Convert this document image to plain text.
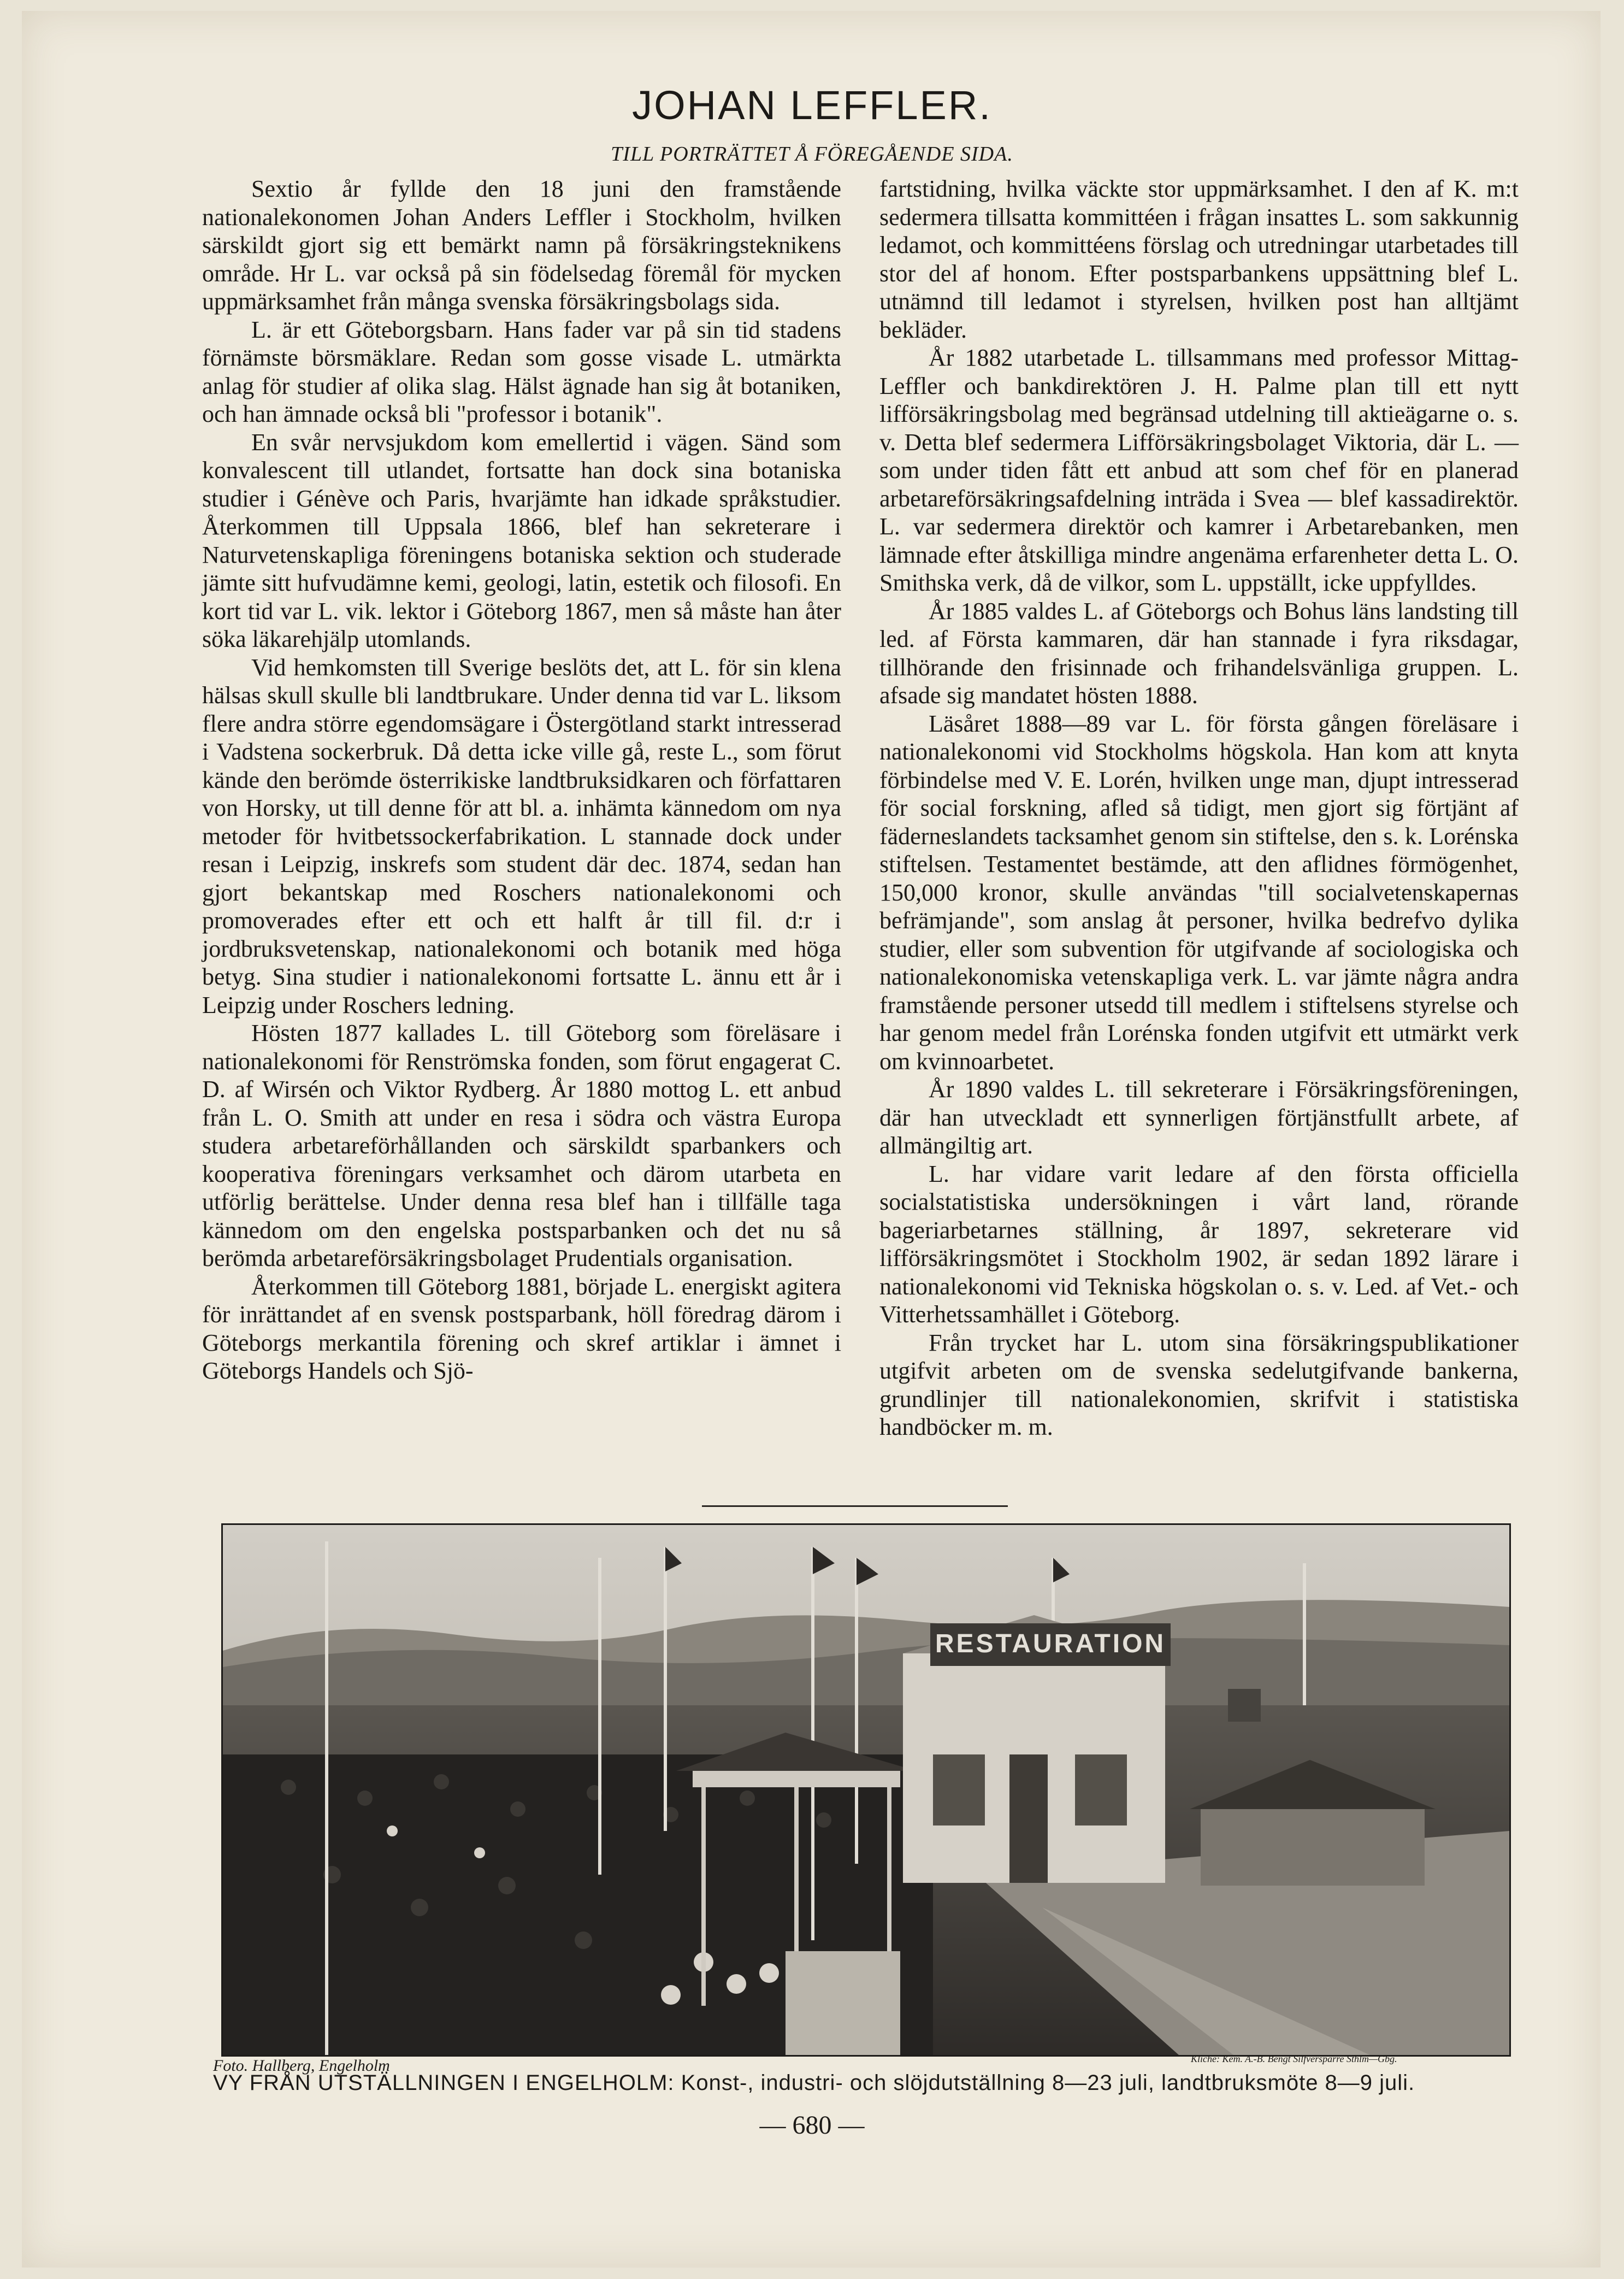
JOHAN LEFFLER.
TILL PORTRÄTTET Å FÖREGÅENDE SIDA.

Sextio år fyllde den 18 juni den framstående nationalekonomen Johan Anders Leffler i Stockholm, hvilken särskildt gjort sig ett bemärkt namn på försäkringsteknikens område. Hr L. var också på sin födelsedag föremål för mycken uppmärksamhet från många svenska försäkringsbolags sida.

L. är ett Göteborgsbarn. Hans fader var på sin tid stadens förnämste börsmäklare. Redan som gosse visade L. utmärkta anlag för studier af olika slag. Hälst ägnade han sig åt botaniken, och han ämnade också bli "professor i botanik".

En svår nervsjukdom kom emellertid i vägen. Sänd som konvalescent till utlandet, fortsatte han dock sina botaniska studier i Génève och Paris, hvarjämte han idkade språkstudier. Återkommen till Uppsala 1866, blef han sekreterare i Naturvetenskapliga föreningens botaniska sektion och studerade jämte sitt hufvudämne kemi, geologi, latin, estetik och filosofi. En kort tid var L. vik. lektor i Göteborg 1867, men så måste han åter söka läkarehjälp utomlands.

Vid hemkomsten till Sverige beslöts det, att L. för sin klena hälsas skull skulle bli landtbrukare. Under denna tid var L. liksom flere andra större egendomsägare i Östergötland starkt intresserad i Vadstena sockerbruk. Då detta icke ville gå, reste L., som förut kände den berömde österrikiske landtbruksidkaren och författaren von Horsky, ut till denne för att bl. a. inhämta kännedom om nya metoder för hvitbetssockerfabrikation. L stannade dock under resan i Leipzig, inskrefs som student där dec. 1874, sedan han gjort bekantskap med Roschers nationalekonomi och promoverades efter ett och ett halft år till fil. d:r i jordbruksvetenskap, nationalekonomi och botanik med höga betyg. Sina studier i nationalekonomi fortsatte L. ännu ett år i Leipzig under Roschers ledning.

Hösten 1877 kallades L. till Göteborg som föreläsare i nationalekonomi för Renströmska fonden, som förut engagerat C. D. af Wirsén och Viktor Rydberg. År 1880 mottog L. ett anbud från L. O. Smith att under en resa i södra och västra Europa studera arbetareförhållanden och särskildt sparbankers och kooperativa föreningars verksamhet och därom utarbeta en utförlig berättelse. Under denna resa blef han i tillfälle taga kännedom om den engelska postsparbanken och det nu så berömda arbetareförsäkringsbolaget Prudentials organisation.

Återkommen till Göteborg 1881, började L. energiskt agitera för inrättandet af en svensk postsparbank, höll föredrag därom i Göteborgs merkantila förening och skref artiklar i ämnet i Göteborgs Handels och Sjö-

fartstidning, hvilka väckte stor uppmärksamhet. I den af K. m:t sedermera tillsatta kommittéen i frågan insattes L. som sakkunnig ledamot, och kommittéens förslag och utredningar utarbetades till stor del af honom. Efter postsparbankens uppsättning blef L. utnämnd till ledamot i styrelsen, hvilken post han alltjämt bekläder.

År 1882 utarbetade L. tillsammans med professor Mittag-Leffler och bankdirektören J. H. Palme plan till ett nytt lifförsäkringsbolag med begränsad utdelning till aktieägarne o. s. v. Detta blef sedermera Lifförsäkringsbolaget Viktoria, där L. — som under tiden fått ett anbud att som chef för en planerad arbetareförsäkringsafdelning inträda i Svea — blef kassadirektör. L. var sedermera direktör och kamrer i Arbetarebanken, men lämnade efter åtskilliga mindre angenäma erfarenheter detta L. O. Smithska verk, då de vilkor, som L. uppställt, icke uppfylldes.

År 1885 valdes L. af Göteborgs och Bohus läns landsting till led. af Första kammaren, där han stannade i fyra riksdagar, tillhörande den frisinnade och frihandelsvänliga gruppen. L. afsade sig mandatet hösten 1888.

Läsåret 1888—89 var L. för första gången föreläsare i nationalekonomi vid Stockholms högskola. Han kom att knyta förbindelse med V. E. Lorén, hvilken unge man, djupt intresserad för social forskning, afled så tidigt, men gjort sig förtjänt af fäderneslandets tacksamhet genom sin stiftelse, den s. k. Lorénska stiftelsen. Testamentet bestämde, att den aflidnes förmögenhet, 150,000 kronor, skulle användas "till socialvetenskapernas befrämjande", som anslag åt personer, hvilka bedrefvo dylika studier, eller som subvention för utgifvande af sociologiska och nationalekonomiska vetenskapliga verk. L. var jämte några andra framstående personer utsedd till medlem i stiftelsens styrelse och har genom medel från Lorénska fonden utgifvit ett utmärkt verk om kvinnoarbetet.

År 1890 valdes L. till sekreterare i Försäkringsföreningen, där han utveckladt ett synnerligen förtjänstfullt arbete, af allmängiltig art.

L. har vidare varit ledare af den första officiella socialstatistiska undersökningen i vårt land, rörande bageriarbetarnes ställning, år 1897, sekreterare vid lifförsäkringsmötet i Stockholm 1902, är sedan 1892 lärare i nationalekonomi vid Tekniska högskolan o. s. v. Led. af Vet.- och Vitterhetssamhället i Göteborg.

Från trycket har L. utom sina försäkringspublikationer utgifvit arbeten om de svenska sedelutgifvande bankerna, grundlinjer till nationalekonomien, skrifvit i statistiska handböcker m. m.

RESTAURATION
Foto. Hallberg, Engelholm	Kliché: Kem. A.-B. Bengt Silfversparre Sthlm—Gbg.
VY FRÅN UTSTÄLLNINGEN I ENGELHOLM: Konst-, industri- och slöjdutställning 8—23 juli, landtbruksmöte 8—9 juli.
— 680 —
